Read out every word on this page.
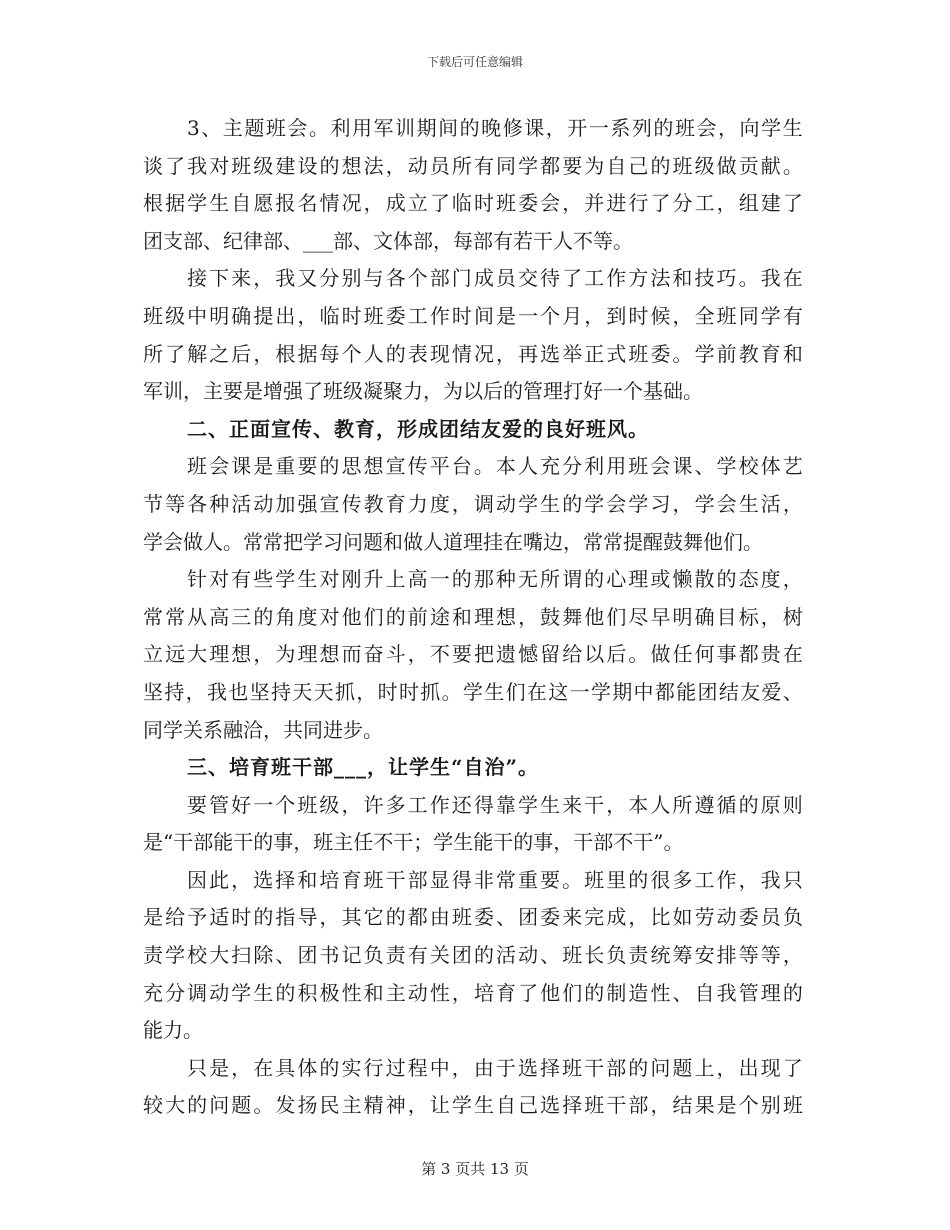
下载后可任意编辑
3 、 主 题 班 会 。 利 用 军 训 期 间 的 晚 修 课 ， 开 一 系 列 的 班 会 ， 向 学 生
谈 了 我 对 班 级 建 设 的 想 法 ， 动 员 所 有 同 学 都 要 为 自 己 的 班 级 做 贡 献 。
根 据 学 生 自 愿 报 名 情 况 ， 成 立 了 临 时 班 委 会 ， 并 进 行 了 分 工 ， 组 建 了
团支部、纪律部、___部、文体部，每部有若干人不等。
接 下 来 ， 我 又 分 别 与 各 个 部 门 成 员 交 待 了 工 作 方 法 和 技 巧 。 我 在
班 级 中 明 确 提 出 ， 临 时 班 委 工 作 时 间 是 一 个 月 ， 到 时 候 ， 全 班 同 学 有
所 了 解 之 后 ， 根 据 每 个 人 的 表 现 情 况 ， 再 选 举 正 式 班 委 。 学 前 教 育 和
军训，主要是增强了班级凝聚力，为以后的管理打好一个基础。
二、正面宣传、教育，形成团结友爱的良好班风。
班 会 课 是 重 要 的 思 想 宣 传 平 台 。 本 人 充 分 利 用 班 会 课 、 学 校 体 艺
节 等 各 种 活 动 加 强 宣 传 教 育 力 度 ， 调 动 学 生 的 学 会 学 习 ， 学 会 生 活 ，
学会做人。常常把学习问题和做人道理挂在嘴边，常常提醒鼓舞他们。
针 对 有 些 学 生 对 刚 升 上 高 一 的 那 种 无 所 谓 的 心 理 或 懒 散 的 态 度 ，
常 常 从 高 三 的 角 度 对 他 们 的 前 途 和 理 想 ， 鼓 舞 他 们 尽 早 明 确 目 标 ， 树
立 远 大 理 想 ， 为 理 想 而 奋 斗 ， 不 要 把 遗 憾 留 给 以 后 。 做 任 何 事 都 贵 在
坚 持 ， 我 也 坚 持 天 天 抓 ， 时 时 抓 。 学 生 们 在 这 一 学 期 中 都 能 团 结 友 爱 、
同学关系融洽，共同进步。
三、培育班干部___，让学生“自治”。
要 管 好 一 个 班 级 ， 许 多 工 作 还 得 靠 学 生 来 干 ， 本 人 所 遵 循 的 原 则
是“干部能干的事，班主任不干；学生能干的事，干部不干”。
因 此 ， 选 择 和 培 育 班 干 部 显 得 非 常 重 要 。 班 里 的 很 多 工 作 ， 我 只
是 给 予 适 时 的 指 导 ， 其 它 的 都 由 班 委 、 团 委 来 完 成 ， 比 如 劳 动 委 员 负
责 学 校 大 扫 除 、 团 书 记 负 责 有 关 团 的 活 动 、 班 长 负 责 统 筹 安 排 等 等 ，
充 分 调 动 学 生 的 积 极 性 和 主 动 性 ， 培 育 了 他 们 的 制 造 性 、 自 我 管 理 的
能力。
只 是 ， 在 具 体 的 实 行 过 程 中 ， 由 于 选 择 班 干 部 的 问 题 上 ， 出 现 了
较 大 的 问 题 。 发 扬 民 主 精 神 ， 让 学 生 自 己 选 择 班 干 部 ， 结 果 是 个 别 班
第 3 页共 13 页
